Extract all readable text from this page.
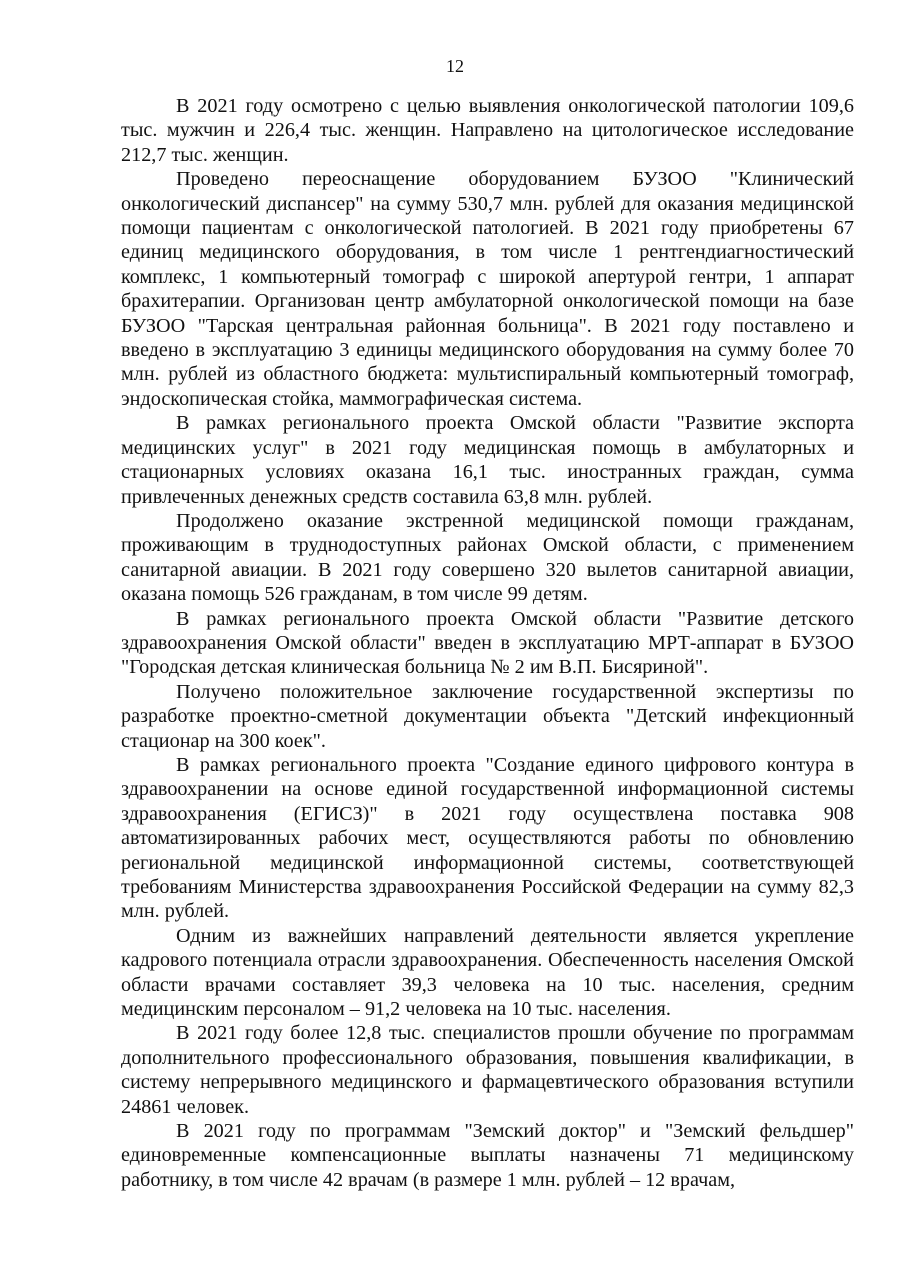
12

В 2021 году осмотрено с целью выявления онкологической патологии 109,6 тыс. мужчин и 226,4 тыс. женщин. Направлено на цитологическое исследование 212,7 тыс. женщин.

Проведено переоснащение оборудованием БУЗОО "Клинический онкологический диспансер" на сумму 530,7 млн. рублей для оказания медицинской помощи пациентам с онкологической патологией. В 2021 году приобретены 67 единиц медицинского оборудования, в том числе 1 рентгендиагностический комплекс, 1 компьютерный томограф с широкой апертурой гентри, 1 аппарат брахитерапии. Организован центр амбулаторной онкологической помощи на базе БУЗОО "Тарская центральная районная больница". В 2021 году поставлено и введено в эксплуатацию 3 единицы медицинского оборудования на сумму более 70 млн. рублей из областного бюджета: мультиспиральный компьютерный томограф, эндоскопическая стойка, маммографическая система.

В рамках регионального проекта Омской области "Развитие экспорта медицинских услуг" в 2021 году медицинская помощь в амбулаторных и стационарных условиях оказана 16,1 тыс. иностранных граждан, сумма привлеченных денежных средств составила 63,8 млн. рублей.

Продолжено оказание экстренной медицинской помощи гражданам, проживающим в труднодоступных районах Омской области, с применением санитарной авиации. В 2021 году совершено 320 вылетов санитарной авиации, оказана помощь 526 гражданам, в том числе 99 детям.

В рамках регионального проекта Омской области "Развитие детского здравоохранения Омской области" введен в эксплуатацию МРТ-аппарат в БУЗОО "Городская детская клиническая больница № 2 им В.П. Бисяриной".

Получено положительное заключение государственной экспертизы по разработке проектно-сметной документации объекта "Детский инфекционный стационар на 300 коек".

В рамках регионального проекта "Создание единого цифрового контура в здравоохранении на основе единой государственной информационной системы здравоохранения (ЕГИСЗ)" в 2021 году осуществлена поставка 908 автоматизированных рабочих мест, осуществляются работы по обновлению региональной медицинской информационной системы, соответствующей требованиям Министерства здравоохранения Российской Федерации на сумму 82,3 млн. рублей.

Одним из важнейших направлений деятельности является укрепление кадрового потенциала отрасли здравоохранения. Обеспеченность населения Омской области врачами составляет 39,3 человека на 10 тыс. населения, средним медицинским персоналом – 91,2 человека на 10 тыс. населения.

В 2021 году более 12,8 тыс. специалистов прошли обучение по программам дополнительного профессионального образования, повышения квалификации, в систему непрерывного медицинского и фармацевтического образования вступили 24861 человек.

В 2021 году по программам "Земский доктор" и "Земский фельдшер" единовременные компенсационные выплаты назначены 71 медицинскому работнику, в том числе 42 врачам (в размере 1 млн. рублей – 12 врачам,
